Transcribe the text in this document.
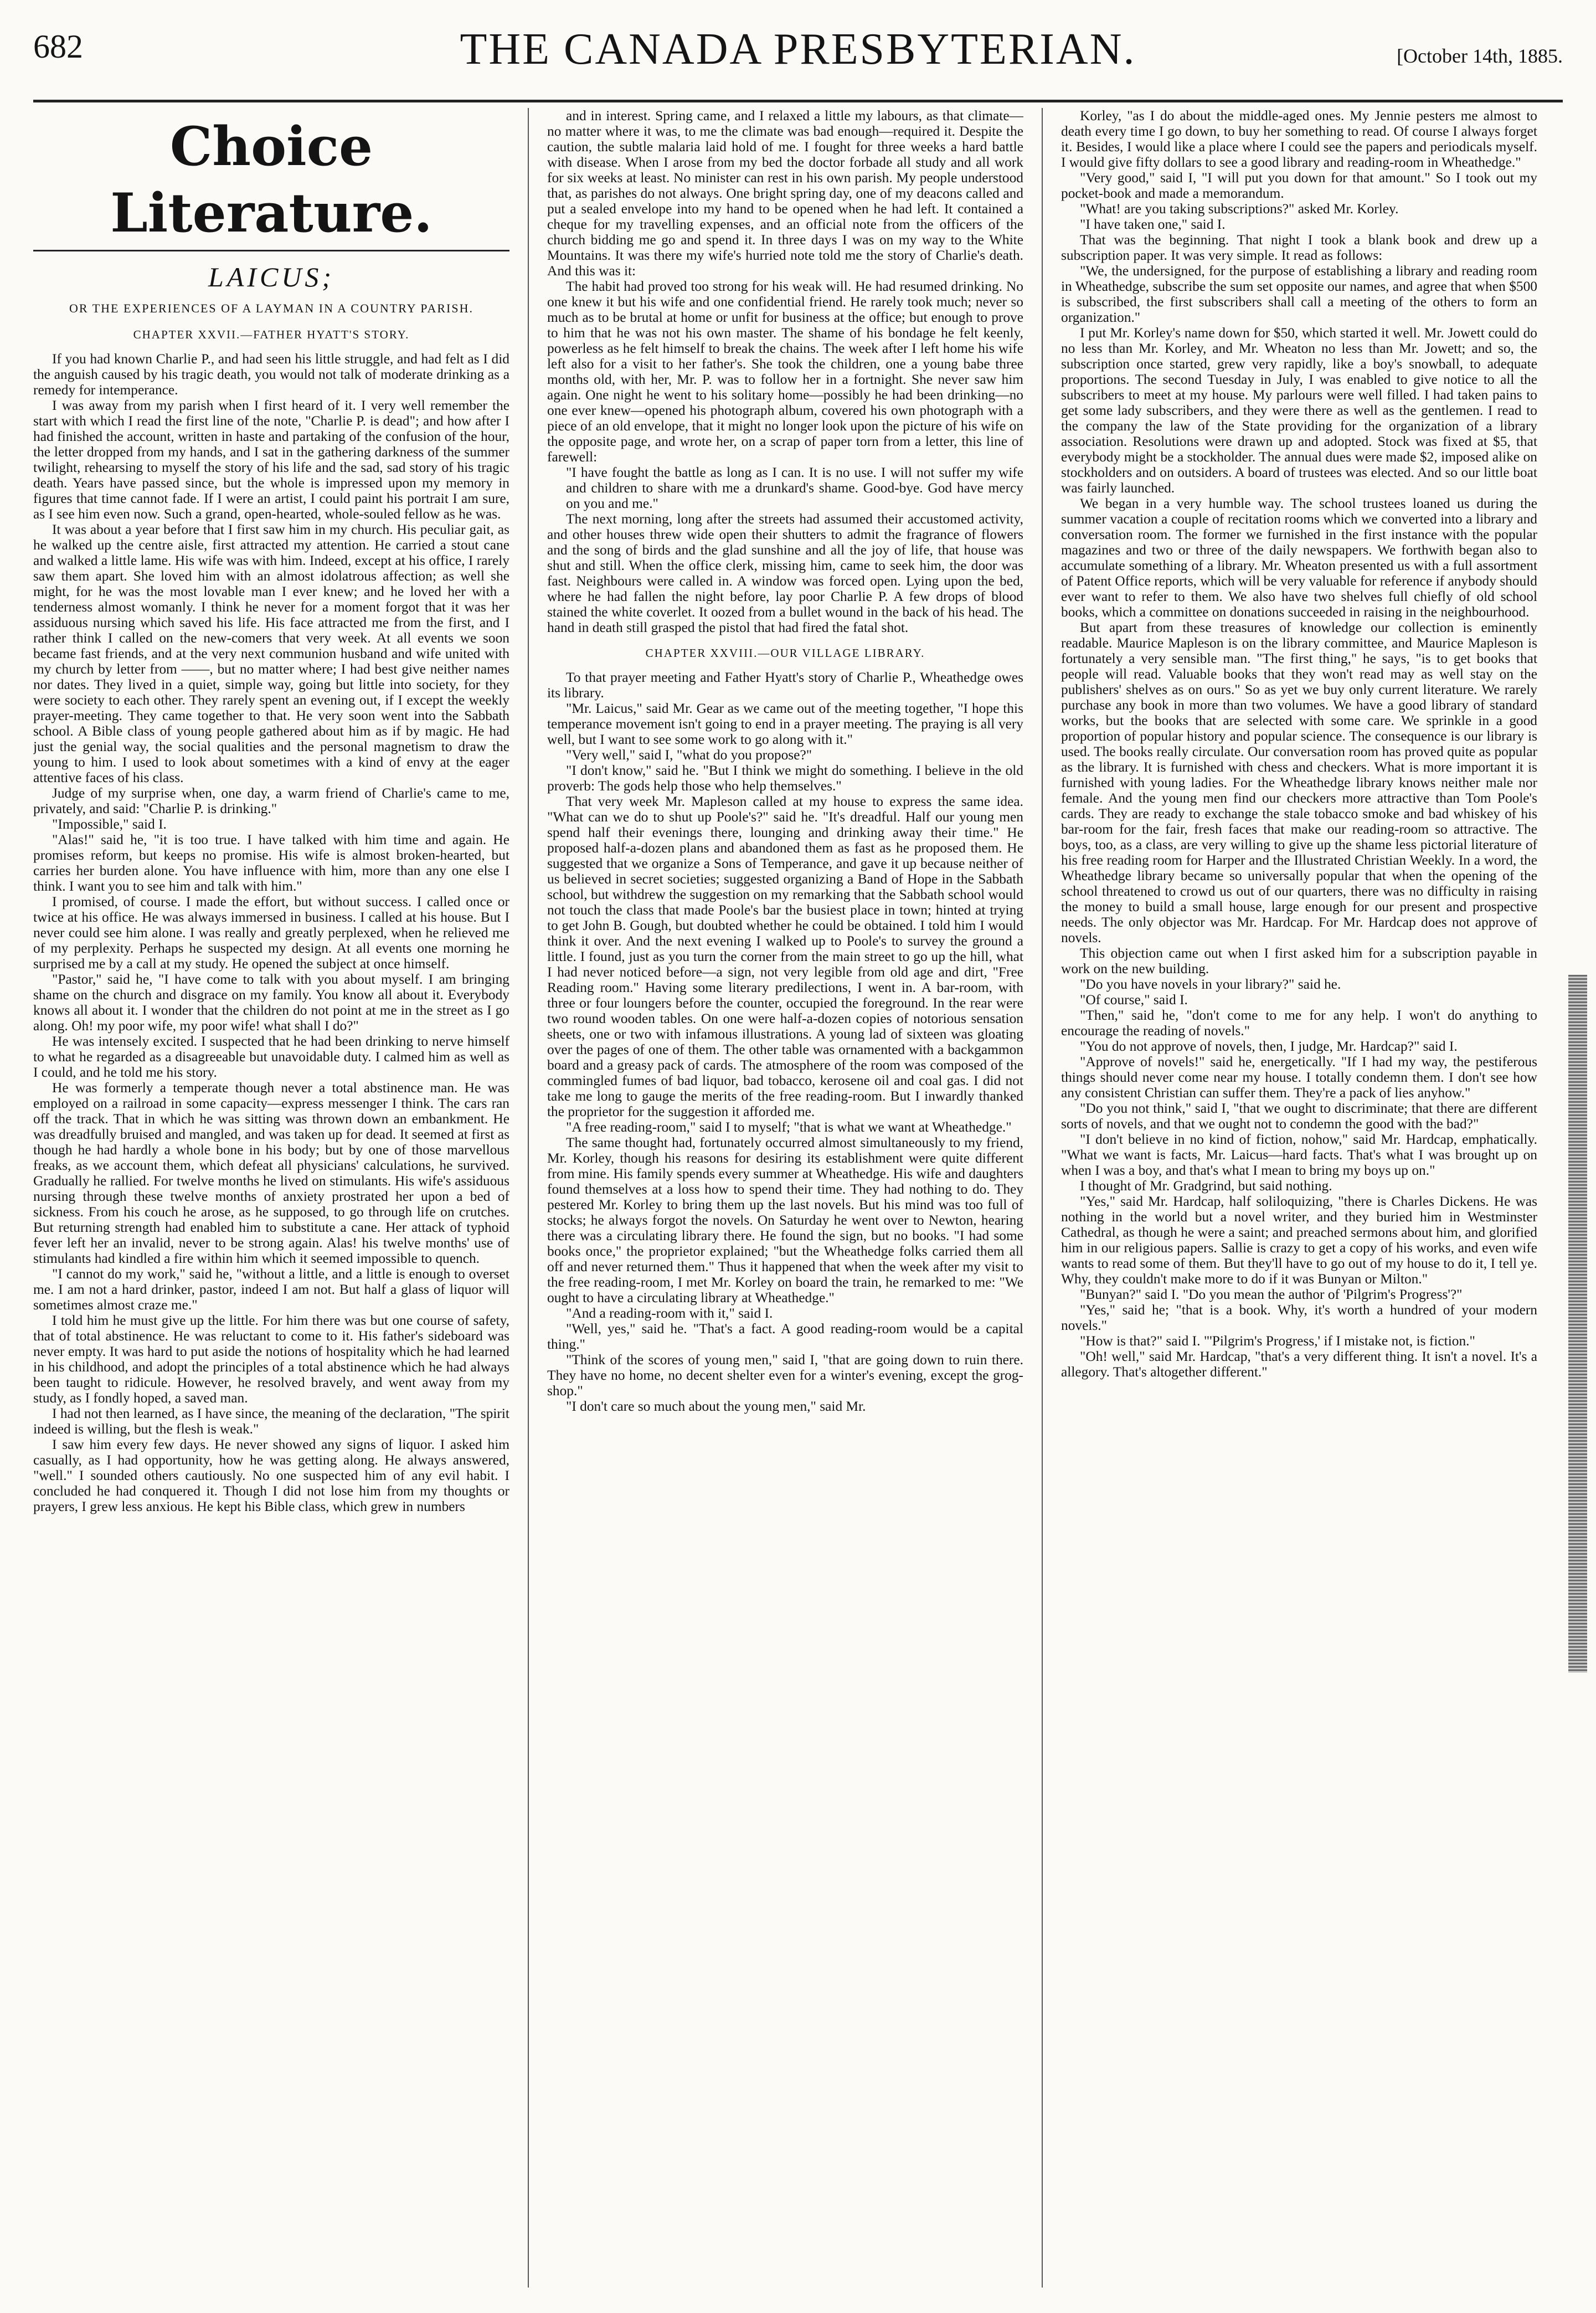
682	THE CANADA PRESBYTERIAN.	[October 14th, 1885.
Choice Literature.
LAICUS;
OR THE EXPERIENCES OF A LAYMAN IN A COUNTRY PARISH.
CHAPTER XXVII.—FATHER HYATT'S STORY.

If you had known Charlie P., and had seen his little struggle, and had felt as I did the anguish caused by his tragic death, you would not talk of moderate drinking as a remedy for intemperance.

I was away from my parish when I first heard of it. I very well remember the start with which I read the first line of the note, "Charlie P. is dead"; and how after I had finished the account, written in haste and partaking of the confusion of the hour, the letter dropped from my hands, and I sat in the gathering darkness of the summer twilight, rehearsing to myself the story of his life and the sad, sad story of his tragic death. Years have passed since, but the whole is impressed upon my memory in figures that time cannot fade. If I were an artist, I could paint his portrait I am sure, as I see him even now. Such a grand, open-hearted, whole-souled fellow as he was.

It was about a year before that I first saw him in my church. His peculiar gait, as he walked up the centre aisle, first attracted my attention. He carried a stout cane and walked a little lame. His wife was with him. Indeed, except at his office, I rarely saw them apart. She loved him with an almost idolatrous affection; as well she might, for he was the most lovable man I ever knew; and he loved her with a tenderness almost womanly. I think he never for a moment forgot that it was her assiduous nursing which saved his life. His face attracted me from the first, and I rather think I called on the new-comers that very week. At all events we soon became fast friends, and at the very next communion husband and wife united with my church by letter from ——, but no matter where; I had best give neither names nor dates. They lived in a quiet, simple way, going but little into society, for they were society to each other. They rarely spent an evening out, if I except the weekly prayer-meeting. They came together to that. He very soon went into the Sabbath school. A Bible class of young people gathered about him as if by magic. He had just the genial way, the social qualities and the personal magnetism to draw the young to him. I used to look about sometimes with a kind of envy at the eager attentive faces of his class.

Judge of my surprise when, one day, a warm friend of Charlie's came to me, privately, and said: "Charlie P. is drinking."

"Impossible," said I.

"Alas!" said he, "it is too true. I have talked with him time and again. He promises reform, but keeps no promise. His wife is almost broken-hearted, but carries her burden alone. You have influence with him, more than any one else I think. I want you to see him and talk with him."

I promised, of course. I made the effort, but without success. I called once or twice at his office. He was always immersed in business. I called at his house. But I never could see him alone. I was really and greatly perplexed, when he relieved me of my perplexity. Perhaps he suspected my design. At all events one morning he surprised me by a call at my study. He opened the subject at once himself.

"Pastor," said he, "I have come to talk with you about myself. I am bringing shame on the church and disgrace on my family. You know all about it. Everybody knows all about it. I wonder that the children do not point at me in the street as I go along. Oh! my poor wife, my poor wife! what shall I do?"

He was intensely excited. I suspected that he had been drinking to nerve himself to what he regarded as a disagreeable but unavoidable duty. I calmed him as well as I could, and he told me his story.

He was formerly a temperate though never a total abstinence man. He was employed on a railroad in some capacity—express messenger I think. The cars ran off the track. That in which he was sitting was thrown down an embankment. He was dreadfully bruised and mangled, and was taken up for dead. It seemed at first as though he had hardly a whole bone in his body; but by one of those marvellous freaks, as we account them, which defeat all physicians' calculations, he survived. Gradually he rallied. For twelve months he lived on stimulants. His wife's assiduous nursing through these twelve months of anxiety prostrated her upon a bed of sickness. From his couch he arose, as he supposed, to go through life on crutches. But returning strength had enabled him to substitute a cane. Her attack of typhoid fever left her an invalid, never to be strong again. Alas! his twelve months' use of stimulants had kindled a fire within him which it seemed impossible to quench.

"I cannot do my work," said he, "without a little, and a little is enough to overset me. I am not a hard drinker, pastor, indeed I am not. But half a glass of liquor will sometimes almost craze me."

I told him he must give up the little. For him there was but one course of safety, that of total abstinence. He was reluctant to come to it. His father's sideboard was never empty. It was hard to put aside the notions of hospitality which he had learned in his childhood, and adopt the principles of a total abstinence which he had always been taught to ridicule. However, he resolved bravely, and went away from my study, as I fondly hoped, a saved man.

I had not then learned, as I have since, the meaning of the declaration, "The spirit indeed is willing, but the flesh is weak."

I saw him every few days. He never showed any signs of liquor. I asked him casually, as I had opportunity, how he was getting along. He always answered, "well." I sounded others cautiously. No one suspected him of any evil habit. I concluded he had conquered it. Though I did not lose him from my thoughts or prayers, I grew less anxious. He kept his Bible class, which grew in numbers

and in interest. Spring came, and I relaxed a little my labours, as that climate—no matter where it was, to me the climate was bad enough—required it. Despite the caution, the subtle malaria laid hold of me. I fought for three weeks a hard battle with disease. When I arose from my bed the doctor forbade all study and all work for six weeks at least. No minister can rest in his own parish. My people understood that, as parishes do not always. One bright spring day, one of my deacons called and put a sealed envelope into my hand to be opened when he had left. It contained a cheque for my travelling expenses, and an official note from the officers of the church bidding me go and spend it. In three days I was on my way to the White Mountains. It was there my wife's hurried note told me the story of Charlie's death. And this was it:

The habit had proved too strong for his weak will. He had resumed drinking. No one knew it but his wife and one confidential friend. He rarely took much; never so much as to be brutal at home or unfit for business at the office; but enough to prove to him that he was not his own master. The shame of his bondage he felt keenly, powerless as he felt himself to break the chains. The week after I left home his wife left also for a visit to her father's. She took the children, one a young babe three months old, with her, Mr. P. was to follow her in a fortnight. She never saw him again. One night he went to his solitary home—possibly he had been drinking—no one ever knew—opened his photograph album, covered his own photograph with a piece of an old envelope, that it might no longer look upon the picture of his wife on the opposite page, and wrote her, on a scrap of paper torn from a letter, this line of farewell:

"I have fought the battle as long as I can. It is no use. I will not suffer my wife and children to share with me a drunkard's shame. Good-bye. God have mercy on you and me."

The next morning, long after the streets had assumed their accustomed activity, and other houses threw wide open their shutters to admit the fragrance of flowers and the song of birds and the glad sunshine and all the joy of life, that house was shut and still. When the office clerk, missing him, came to seek him, the door was fast. Neighbours were called in. A window was forced open. Lying upon the bed, where he had fallen the night before, lay poor Charlie P. A few drops of blood stained the white coverlet. It oozed from a bullet wound in the back of his head. The hand in death still grasped the pistol that had fired the fatal shot.

CHAPTER XXVIII.—OUR VILLAGE LIBRARY.

To that prayer meeting and Father Hyatt's story of Charlie P., Wheathedge owes its library.

"Mr. Laicus," said Mr. Gear as we came out of the meeting together, "I hope this temperance movement isn't going to end in a prayer meeting. The praying is all very well, but I want to see some work to go along with it."

"Very well," said I, "what do you propose?"

"I don't know," said he. "But I think we might do something. I believe in the old proverb: The gods help those who help themselves."

That very week Mr. Mapleson called at my house to express the same idea. "What can we do to shut up Poole's?" said he. "It's dreadful. Half our young men spend half their evenings there, lounging and drinking away their time." He proposed half-a-dozen plans and abandoned them as fast as he proposed them. He suggested that we organize a Sons of Temperance, and gave it up because neither of us believed in secret societies; suggested organizing a Band of Hope in the Sabbath school, but withdrew the suggestion on my remarking that the Sabbath school would not touch the class that made Poole's bar the busiest place in town; hinted at trying to get John B. Gough, but doubted whether he could be obtained. I told him I would think it over. And the next evening I walked up to Poole's to survey the ground a little. I found, just as you turn the corner from the main street to go up the hill, what I had never noticed before—a sign, not very legible from old age and dirt, "Free Reading room." Having some literary predilections, I went in. A bar-room, with three or four loungers before the counter, occupied the foreground. In the rear were two round wooden tables. On one were half-a-dozen copies of notorious sensation sheets, one or two with infamous illustrations. A young lad of sixteen was gloating over the pages of one of them. The other table was ornamented with a backgammon board and a greasy pack of cards. The atmosphere of the room was composed of the commingled fumes of bad liquor, bad tobacco, kerosene oil and coal gas. I did not take me long to gauge the merits of the free reading-room. But I inwardly thanked the proprietor for the suggestion it afforded me.

"A free reading-room," said I to myself; "that is what we want at Wheathedge."

The same thought had, fortunately occurred almost simultaneously to my friend, Mr. Korley, though his reasons for desiring its establishment were quite different from mine. His family spends every summer at Wheathedge. His wife and daughters found themselves at a loss how to spend their time. They had nothing to do. They pestered Mr. Korley to bring them up the last novels. But his mind was too full of stocks; he always forgot the novels. On Saturday he went over to Newton, hearing there was a circulating library there. He found the sign, but no books. "I had some books once," the proprietor explained; "but the Wheathedge folks carried them all off and never returned them." Thus it happened that when the week after my visit to the free reading-room, I met Mr. Korley on board the train, he remarked to me: "We ought to have a circulating library at Wheathedge."

"And a reading-room with it," said I.

"Well, yes," said he. "That's a fact. A good reading-room would be a capital thing."

"Think of the scores of young men," said I, "that are going down to ruin there. They have no home, no decent shelter even for a winter's evening, except the grog-shop."

"I don't care so much about the young men," said Mr.

Korley, "as I do about the middle-aged ones. My Jennie pesters me almost to death every time I go down, to buy her something to read. Of course I always forget it. Besides, I would like a place where I could see the papers and periodicals myself. I would give fifty dollars to see a good library and reading-room in Wheathedge."

"Very good," said I, "I will put you down for that amount." So I took out my pocket-book and made a memorandum.

"What! are you taking subscriptions?" asked Mr. Korley.

"I have taken one," said I.

That was the beginning. That night I took a blank book and drew up a subscription paper. It was very simple. It read as follows:

"We, the undersigned, for the purpose of establishing a library and reading room in Wheathedge, subscribe the sum set opposite our names, and agree that when $500 is subscribed, the first subscribers shall call a meeting of the others to form an organization."

I put Mr. Korley's name down for $50, which started it well. Mr. Jowett could do no less than Mr. Korley, and Mr. Wheaton no less than Mr. Jowett; and so, the subscription once started, grew very rapidly, like a boy's snowball, to adequate proportions. The second Tuesday in July, I was enabled to give notice to all the subscribers to meet at my house. My parlours were well filled. I had taken pains to get some lady subscribers, and they were there as well as the gentlemen. I read to the company the law of the State providing for the organization of a library association. Resolutions were drawn up and adopted. Stock was fixed at $5, that everybody might be a stockholder. The annual dues were made $2, imposed alike on stockholders and on outsiders. A board of trustees was elected. And so our little boat was fairly launched.

We began in a very humble way. The school trustees loaned us during the summer vacation a couple of recitation rooms which we converted into a library and conversation room. The former we furnished in the first instance with the popular magazines and two or three of the daily newspapers. We forthwith began also to accumulate something of a library. Mr. Wheaton presented us with a full assortment of Patent Office reports, which will be very valuable for reference if anybody should ever want to refer to them. We also have two shelves full chiefly of old school books, which a committee on donations succeeded in raising in the neighbourhood.

But apart from these treasures of knowledge our collection is eminently readable. Maurice Mapleson is on the library committee, and Maurice Mapleson is fortunately a very sensible man. "The first thing," he says, "is to get books that people will read. Valuable books that they won't read may as well stay on the publishers' shelves as on ours." So as yet we buy only current literature. We rarely purchase any book in more than two volumes. We have a good library of standard works, but the books that are selected with some care. We sprinkle in a good proportion of popular history and popular science. The consequence is our library is used. The books really circulate. Our conversation room has proved quite as popular as the library. It is furnished with chess and checkers. What is more important it is furnished with young ladies. For the Wheathedge library knows neither male nor female. And the young men find our checkers more attractive than Tom Poole's cards. They are ready to exchange the stale tobacco smoke and bad whiskey of his bar-room for the fair, fresh faces that make our reading-room so attractive. The boys, too, as a class, are very willing to give up the shame less pictorial literature of his free reading room for Harper and the Illustrated Christian Weekly. In a word, the Wheathedge library became so universally popular that when the opening of the school threatened to crowd us out of our quarters, there was no difficulty in raising the money to build a small house, large enough for our present and prospective needs. The only objector was Mr. Hardcap. For Mr. Hardcap does not approve of novels.

This objection came out when I first asked him for a subscription payable in work on the new building.

"Do you have novels in your library?" said he.

"Of course," said I.

"Then," said he, "don't come to me for any help. I won't do anything to encourage the reading of novels."

"You do not approve of novels, then, I judge, Mr. Hardcap?" said I.

"Approve of novels!" said he, energetically. "If I had my way, the pestiferous things should never come near my house. I totally condemn them. I don't see how any consistent Christian can suffer them. They're a pack of lies anyhow."

"Do you not think," said I, "that we ought to discriminate; that there are different sorts of novels, and that we ought not to condemn the good with the bad?"

"I don't believe in no kind of fiction, nohow," said Mr. Hardcap, emphatically. "What we want is facts, Mr. Laicus—hard facts. That's what I was brought up on when I was a boy, and that's what I mean to bring my boys up on."

I thought of Mr. Gradgrind, but said nothing.

"Yes," said Mr. Hardcap, half soliloquizing, "there is Charles Dickens. He was nothing in the world but a novel writer, and they buried him in Westminster Cathedral, as though he were a saint; and preached sermons about him, and glorified him in our religious papers. Sallie is crazy to get a copy of his works, and even wife wants to read some of them. But they'll have to go out of my house to do it, I tell ye. Why, they couldn't make more to do if it was Bunyan or Milton."

"Bunyan?" said I. "Do you mean the author of 'Pilgrim's Progress'?"

"Yes," said he; "that is a book. Why, it's worth a hundred of your modern novels."

"How is that?" said I. "'Pilgrim's Progress,' if I mistake not, is fiction."

"Oh! well," said Mr. Hardcap, "that's a very different thing. It isn't a novel. It's a allegory. That's altogether different."
